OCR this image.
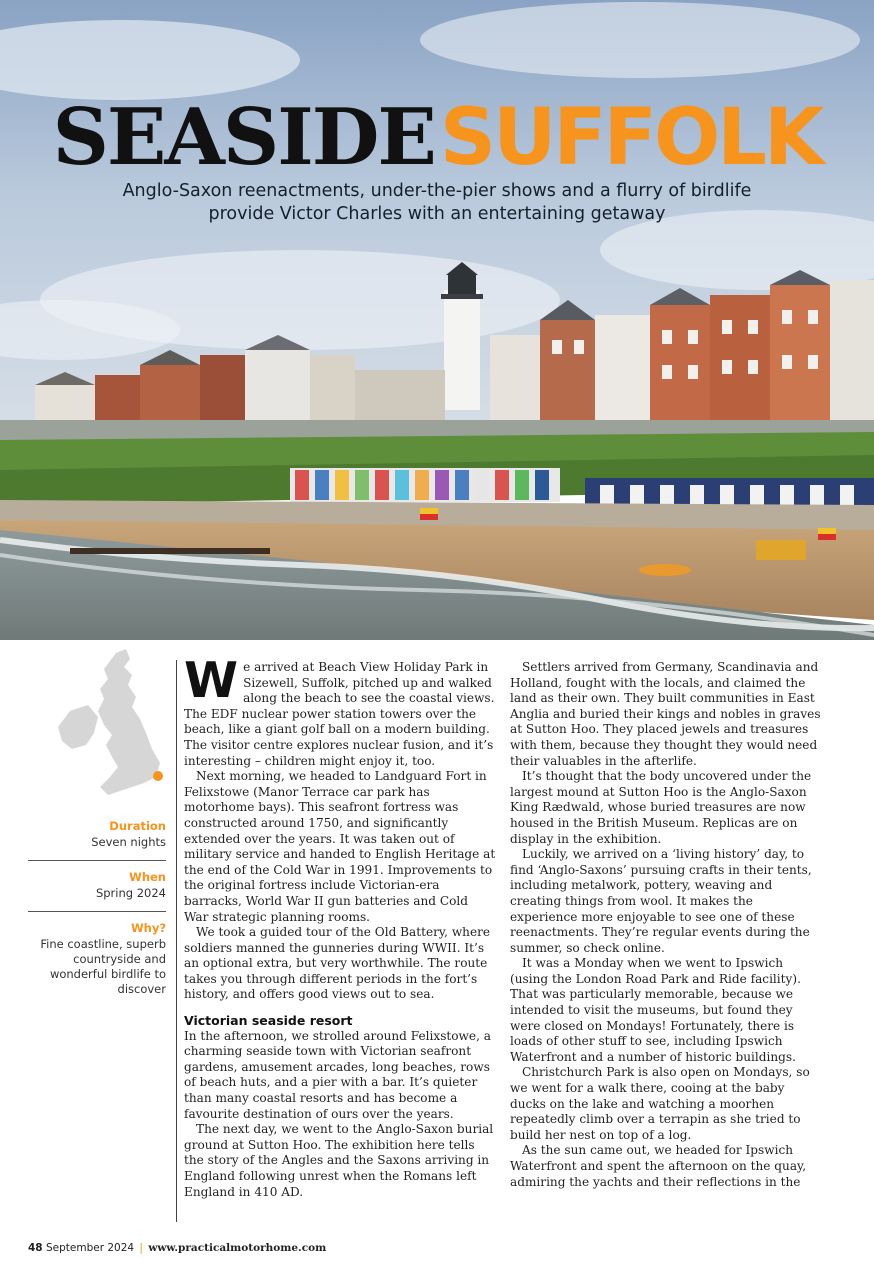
SEASIDE SUFFOLK
Anglo-Saxon reenactments, under-the-pier shows and a flurry of birdlife provide Victor Charles with an entertaining getaway
Duration
Seven nights
When
Spring 2024
Why?
Fine coastline, superb countryside and wonderful birdlife to discover

We arrived at Beach View Holiday Park in Sizewell, Suffolk, pitched up and walked along the beach to see the coastal views. The EDF nuclear power station towers over the beach, like a giant golf ball on a modern building. The visitor centre explores nuclear fusion, and it’s interesting – children might enjoy it, too.

Next morning, we headed to Landguard Fort in Felixstowe (Manor Terrace car park has motorhome bays). This seafront fortress was constructed around 1750, and significantly extended over the years. It was taken out of military service and handed to English Heritage at the end of the Cold War in 1991. Improvements to the original fortress include Victorian-era barracks, World War II gun batteries and Cold War strategic planning rooms.

We took a guided tour of the Old Battery, where soldiers manned the gunneries during WWII. It’s an optional extra, but very worthwhile. The route takes you through different periods in the fort’s history, and offers good views out to sea.

Victorian seaside resort

In the afternoon, we strolled around Felixstowe, a charming seaside town with Victorian seafront gardens, amusement arcades, long beaches, rows of beach huts, and a pier with a bar. It’s quieter than many coastal resorts and has become a favourite destination of ours over the years.

The next day, we went to the Anglo-Saxon burial ground at Sutton Hoo. The exhibition here tells the story of the Angles and the Saxons arriving in England following unrest when the Romans left England in 410 AD.

Settlers arrived from Germany, Scandinavia and Holland, fought with the locals, and claimed the land as their own. They built communities in East Anglia and buried their kings and nobles in graves at Sutton Hoo. They placed jewels and treasures with them, because they thought they would need their valuables in the afterlife.

It’s thought that the body uncovered under the largest mound at Sutton Hoo is the Anglo-Saxon King Rædwald, whose buried treasures are now housed in the British Museum. Replicas are on display in the exhibition.

Luckily, we arrived on a ‘living history’ day, to find ‘Anglo-Saxons’ pursuing crafts in their tents, including metalwork, pottery, weaving and creating things from wool. It makes the experience more enjoyable to see one of these reenactments. They’re regular events during the summer, so check online.

It was a Monday when we went to Ipswich (using the London Road Park and Ride facility). That was particularly memorable, because we intended to visit the museums, but found they were closed on Mondays! Fortunately, there is loads of other stuff to see, including Ipswich Waterfront and a number of historic buildings.

Christchurch Park is also open on Mondays, so we went for a walk there, cooing at the baby ducks on the lake and watching a moorhen repeatedly climb over a terrapin as she tried to build her nest on top of a log.

As the sun came out, we headed for Ipswich Waterfront and spent the afternoon on the quay, admiring the yachts and their reflections in the

48 September 2024 | www.practicalmotorhome.com
